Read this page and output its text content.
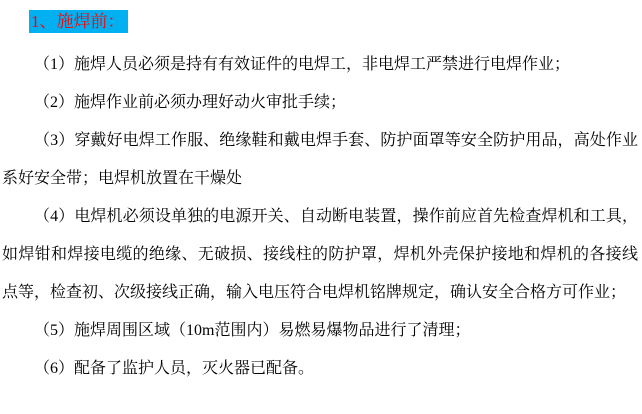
1、施焊前：

（1）施焊人员必须是持有有效证件的电焊工，非电焊工严禁进行电焊作业；

（2）施焊作业前必须办理好动火审批手续；

（3）穿戴好电焊工作服、绝缘鞋和戴电焊手套、防护面罩等安全防护用品，高处作业系好安全带；电焊机放置在干燥处

（4）电焊机必须设单独的电源开关、自动断电装置，操作前应首先检查焊机和工具，如焊钳和焊接电缆的绝缘、无破损、接线柱的防护罩，焊机外壳保护接地和焊机的各接线点等，检查初、次级接线正确，输入电压符合电焊机铭牌规定，确认安全合格方可作业；

（5）施焊周围区域（10m范围内）易燃易爆物品进行了清理；

（6）配备了监护人员，灭火器已配备。
